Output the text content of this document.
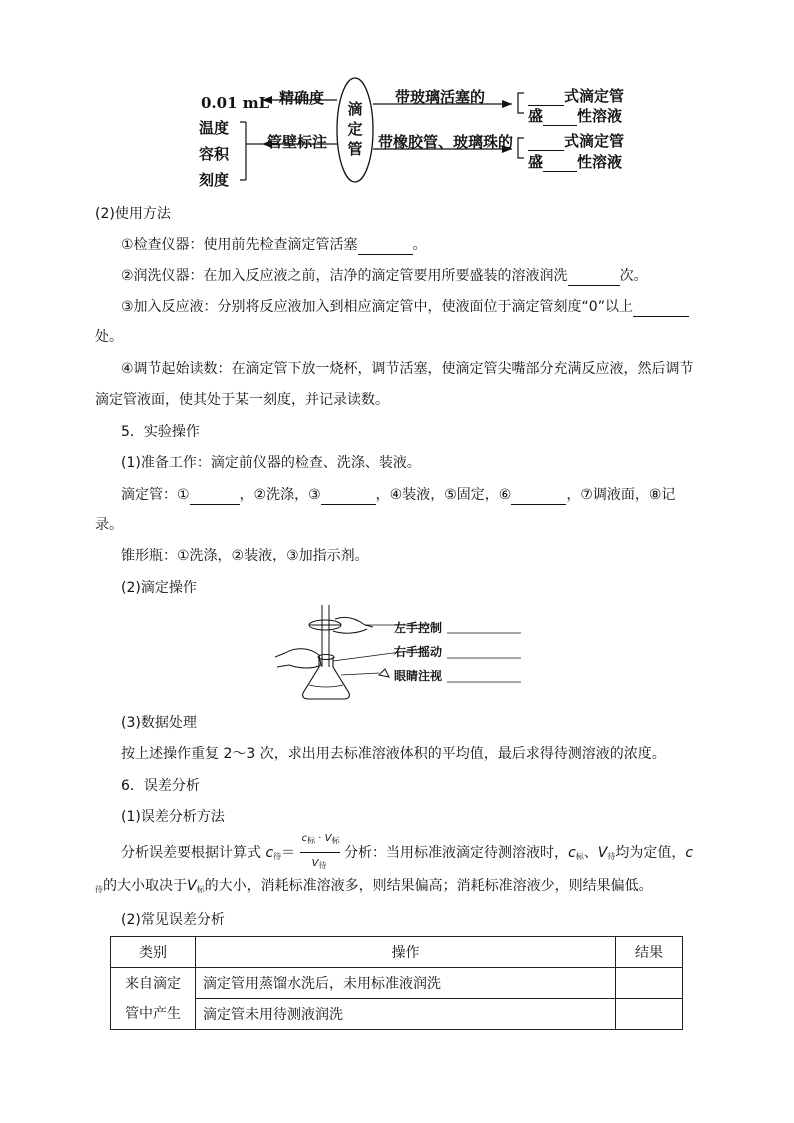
滴定管
0.01 mL 精确度
温度
容积
刻度
管壁标注
带玻璃活塞的
带橡胶管、玻璃珠的
式滴定管
盛 性溶液
式滴定管
盛 性溶液
(2)使用方法
①检查仪器：使用前先检查滴定管活塞	。
②润洗仪器：在加入反应液之前，洁净的滴定管要用所要盛装的溶液润洗	次。
③加入反应液：分别将反应液加入到相应滴定管中，使液面位于滴定管刻度“0”以上
处。
④调节起始读数：在滴定管下放一烧杯，调节活塞，使滴定管尖嘴部分充满反应液，然后调节
滴定管液面，使其处于某一刻度，并记录读数。
5．实验操作
(1)准备工作：滴定前仪器的检查、洗涤、装液。
滴定管：①	，②洗涤，③	，④装液，⑤固定，⑥	，⑦调液面，⑧记
录。
锥形瓶：①洗涤，②装液，③加指示剂。
(2)滴定操作
左手控制
右手摇动
眼睛注视
(3)数据处理
按上述操作重复 2～3 次，求出用去标准溶液体积的平均值，最后求得待测溶液的浓度。
6．误差分析
(1)误差分析方法
分析误差要根据计算式 $c_待=$
$c_标 \cdot V_标$
$V_待$
分析：当用标准液滴定待测溶液时，$c_标$、$V_待$均为定值，c
$_待$的大小取决于$V_标$的大小，消耗标准溶液多，则结果偏高；消耗标准溶液少，则结果偏低。
(2)常见误差分析
类别	操作	结果

来自滴定
管中产生	滴定管用蒸馏水洗后，未用标准液润洗	
	滴定管未用待测液润洗	
